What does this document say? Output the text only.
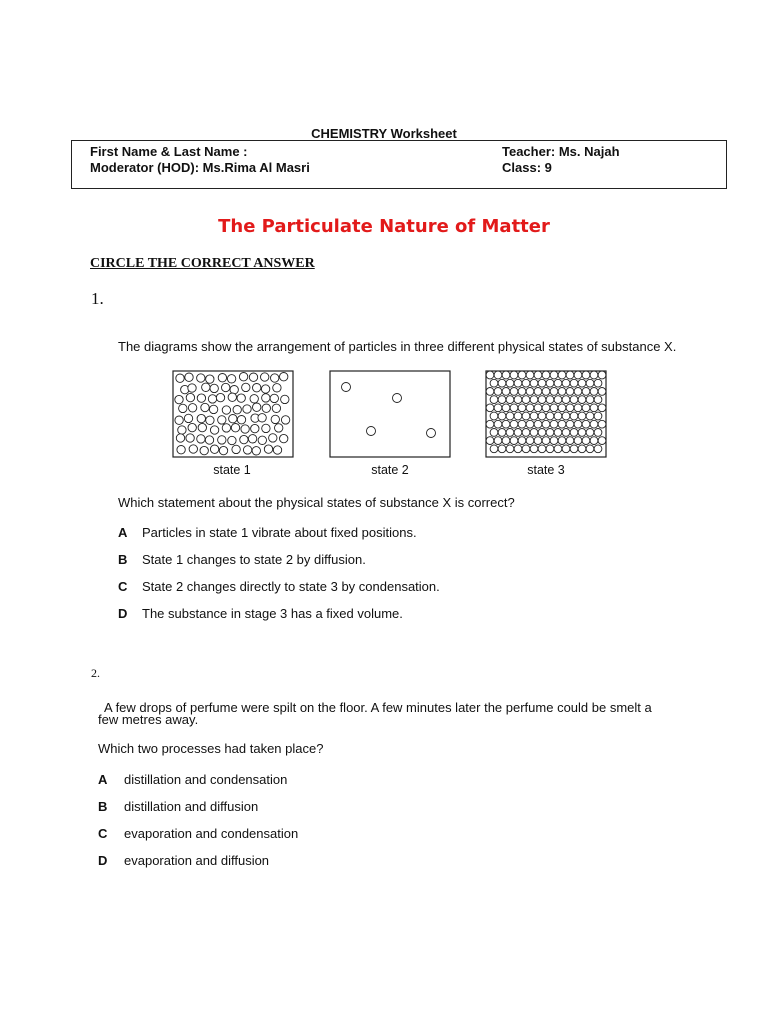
CHEMISTRY Worksheet
First Name & Last Name :
Moderator (HOD): Ms.Rima Al Masri
Teacher: Ms. Najah
Class: 9
The Particulate Nature of Matter
CIRCLE THE CORRECT ANSWER
1.
The diagrams show the arrangement of particles in three different physical states of substance X.
state 1	state 2	state 3
Which statement about the physical states of substance X is correct?
A Particles in state 1 vibrate about fixed positions.
B State 1 changes to state 2 by diffusion.
C State 2 changes directly to state 3 by condensation.
D The substance in stage 3 has a fixed volume.
2.
A few drops of perfume were spilt on the floor. A few minutes later the perfume could be smelt a
few metres away.
Which two processes had taken place?
A distillation and condensation
B distillation and diffusion
C evaporation and condensation
D evaporation and diffusion
